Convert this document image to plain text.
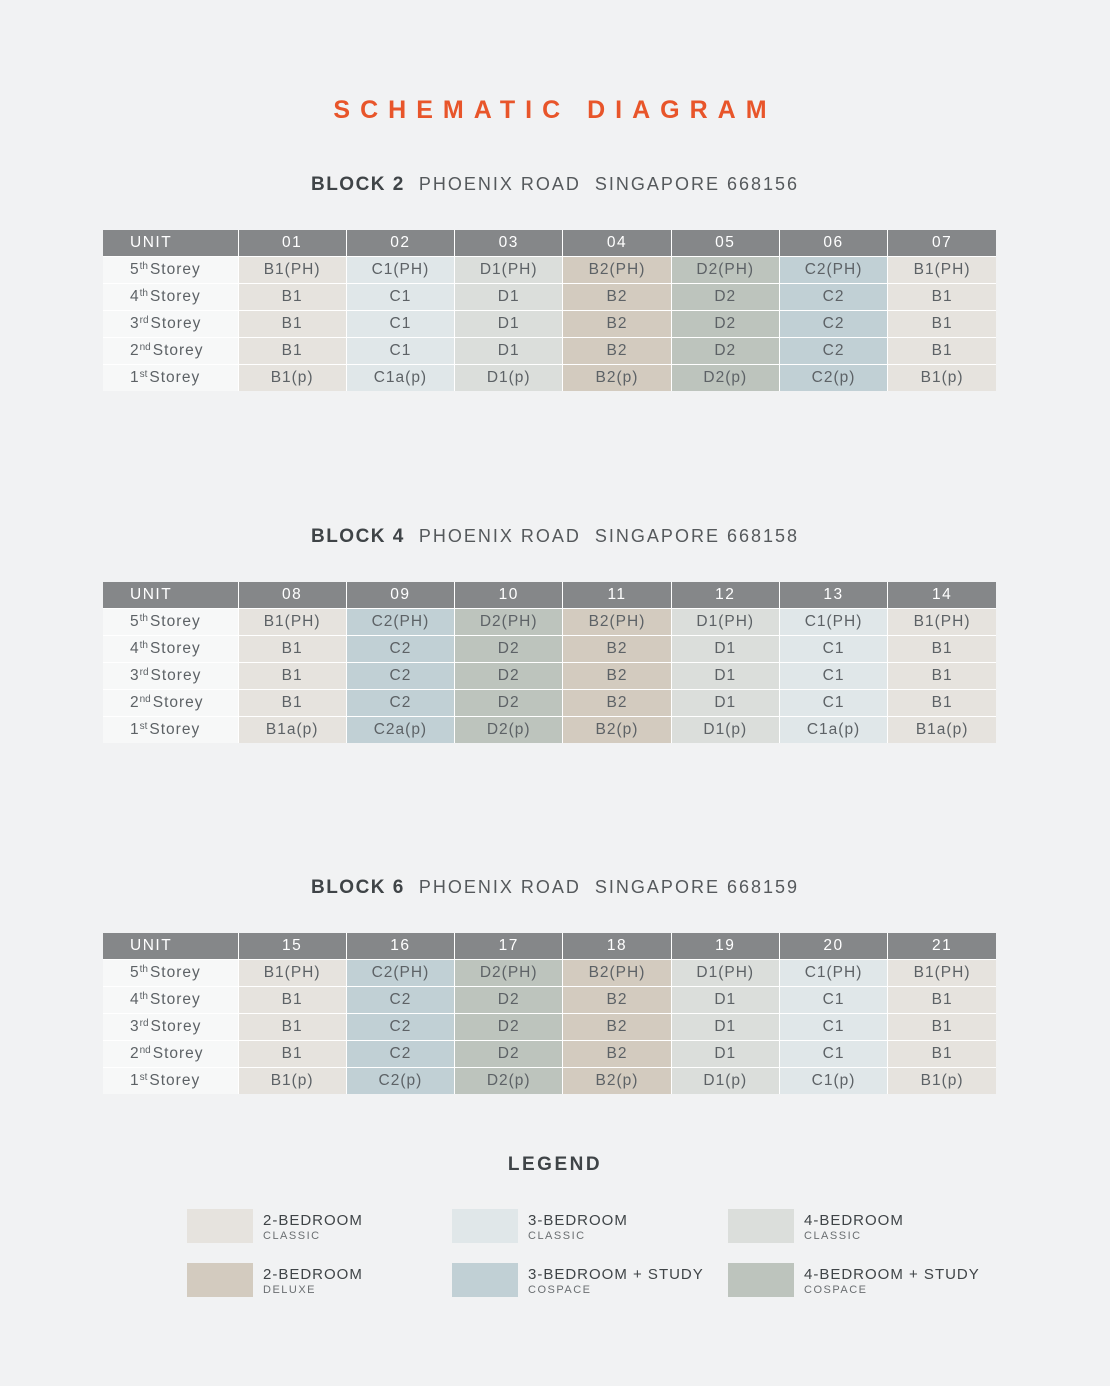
SCHEMATIC DIAGRAM
BLOCK 2 PHOENIX ROAD SINGAPORE 668156
UNIT	01	02	03	04	05	06	07
5th Storey	B1(PH)	C1(PH)	D1(PH)	B2(PH)	D2(PH)	C2(PH)	B1(PH)
4th Storey	B1	C1	D1	B2	D2	C2	B1
3rd Storey	B1	C1	D1	B2	D2	C2	B1
2nd Storey	B1	C1	D1	B2	D2	C2	B1
1st Storey	B1(p)	C1a(p)	D1(p)	B2(p)	D2(p)	C2(p)	B1(p)
BLOCK 4 PHOENIX ROAD SINGAPORE 668158
UNIT	08	09	10	11	12	13	14
5th Storey	B1(PH)	C2(PH)	D2(PH)	B2(PH)	D1(PH)	C1(PH)	B1(PH)
4th Storey	B1	C2	D2	B2	D1	C1	B1
3rd Storey	B1	C2	D2	B2	D1	C1	B1
2nd Storey	B1	C2	D2	B2	D1	C1	B1
1st Storey	B1a(p)	C2a(p)	D2(p)	B2(p)	D1(p)	C1a(p)	B1a(p)
BLOCK 6 PHOENIX ROAD SINGAPORE 668159
UNIT	15	16	17	18	19	20	21
5th Storey	B1(PH)	C2(PH)	D2(PH)	B2(PH)	D1(PH)	C1(PH)	B1(PH)
4th Storey	B1	C2	D2	B2	D1	C1	B1
3rd Storey	B1	C2	D2	B2	D1	C1	B1
2nd Storey	B1	C2	D2	B2	D1	C1	B1
1st Storey	B1(p)	C2(p)	D2(p)	B2(p)	D1(p)	C1(p)	B1(p)
LEGEND
2-BEDROOM
CLASSIC
3-BEDROOM
CLASSIC
4-BEDROOM
CLASSIC
2-BEDROOM
DELUXE
3-BEDROOM + STUDY
COSPACE
4-BEDROOM + STUDY
COSPACE
